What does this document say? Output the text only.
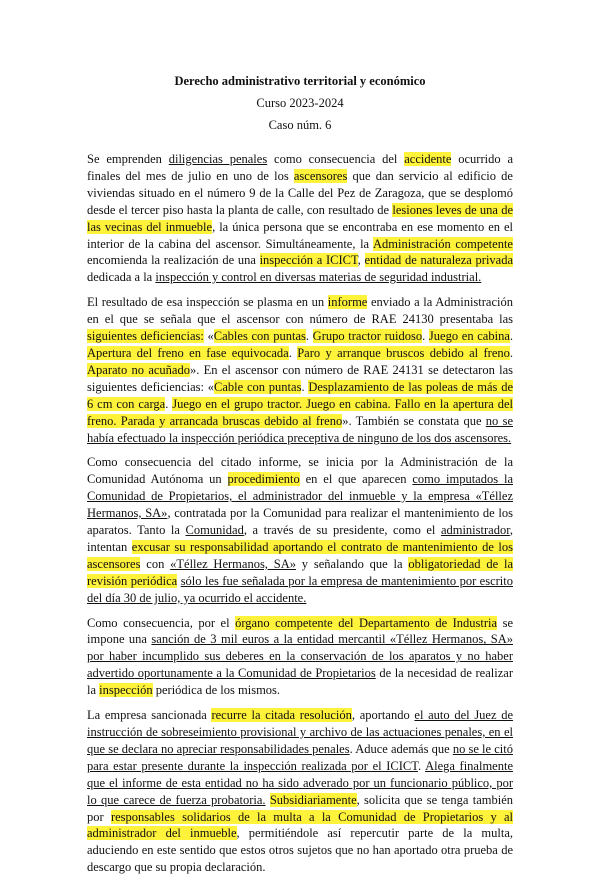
Derecho administrativo territorial y económico
Curso 2023-2024
Caso núm. 6

Se emprenden diligencias penales como consecuencia del accidente ocurrido a finales del mes de julio en uno de los ascensores que dan servicio al edificio de viviendas situado en el número 9 de la Calle del Pez de Zaragoza, que se desplomó desde el tercer piso hasta la planta de calle, con resultado de lesiones leves de una de las vecinas del inmueble, la única persona que se encontraba en ese momento en el interior de la cabina del ascensor. Simultáneamente, la Administración competente encomienda la realización de una inspección a ICICT, entidad de naturaleza privada dedicada a la inspección y control en diversas materias de seguridad industrial.

El resultado de esa inspección se plasma en un informe enviado a la Administración en el que se señala que el ascensor con número de RAE 24130 presentaba las siguientes deficiencias: «Cables con puntas. Grupo tractor ruidoso. Juego en cabina. Apertura del freno en fase equivocada. Paro y arranque bruscos debido al freno. Aparato no acuñado». En el ascensor con número de RAE 24131 se detectaron las siguientes deficiencias: «Cable con puntas. Desplazamiento de las poleas de más de 6 cm con carga. Juego en el grupo tractor. Juego en cabina. Fallo en la apertura del freno. Parada y arrancada bruscas debido al freno». También se constata que no se había efectuado la inspección periódica preceptiva de ninguno de los dos ascensores.

Como consecuencia del citado informe, se inicia por la Administración de la Comunidad Autónoma un procedimiento en el que aparecen como imputados la Comunidad de Propietarios, el administrador del inmueble y la empresa «Téllez Hermanos, SA», contratada por la Comunidad para realizar el mantenimiento de los aparatos. Tanto la Comunidad, a través de su presidente, como el administrador, intentan excusar su responsabilidad aportando el contrato de mantenimiento de los ascensores con «Téllez Hermanos, SA» y señalando que la obligatoriedad de la revisión periódica sólo les fue señalada por la empresa de mantenimiento por escrito del día 30 de julio, ya ocurrido el accidente.

Como consecuencia, por el órgano competente del Departamento de Industria se impone una sanción de 3 mil euros a la entidad mercantil «Téllez Hermanos, SA» por haber incumplido sus deberes en la conservación de los aparatos y no haber advertido oportunamente a la Comunidad de Propietarios de la necesidad de realizar la inspección periódica de los mismos.

La empresa sancionada recurre la citada resolución, aportando el auto del Juez de instrucción de sobreseimiento provisional y archivo de las actuaciones penales, en el que se declara no apreciar responsabilidades penales. Aduce además que no se le citó para estar presente durante la inspección realizada por el ICICT. Alega finalmente que el informe de esta entidad no ha sido adverado por un funcionario público, por lo que carece de fuerza probatoria. Subsidiariamente, solicita que se tenga también por responsables solidarios de la multa a la Comunidad de Propietarios y al administrador del inmueble, permitiéndole así repercutir parte de la multa, aduciendo en este sentido que estos otros sujetos que no han aportado otra prueba de descargo que su propia declaración.
